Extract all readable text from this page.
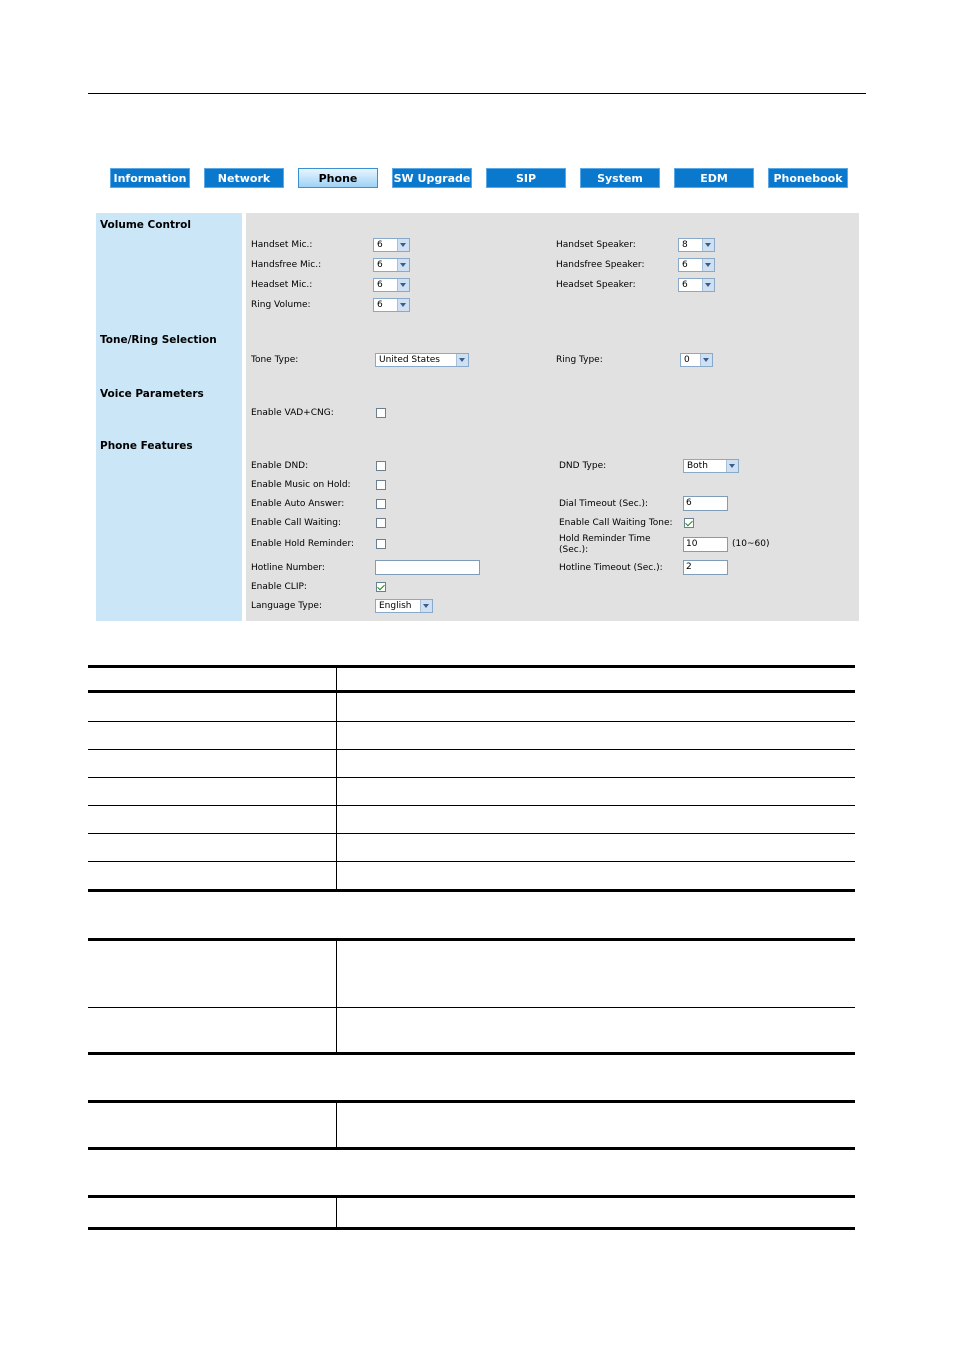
Information	Network	Phone	SW Upgrade	SIP	System	EDM	Phonebook
Volume Control
Tone/Ring Selection
Voice Parameters
Phone Features
Handset Mic.:	6
Handsfree Mic.:	6
Headset Mic.:	6
Ring Volume:	6
Handset Speaker:	8
Handsfree Speaker:	6
Headset Speaker:	6
Tone Type:	United States	Ring Type:	0
Enable VAD+CNG:
Enable DND:
Enable Music on Hold:
Enable Auto Answer:
Enable Call Waiting:
Enable Hold Reminder:
Hotline Number:
Enable CLIP:
Language Type:	English
DND Type:	Both
Dial Timeout (Sec.):	6
Enable Call Waiting Tone:
Hold Reminder Time (Sec.):
10	(10~60)
Hotline Timeout (Sec.):	2
